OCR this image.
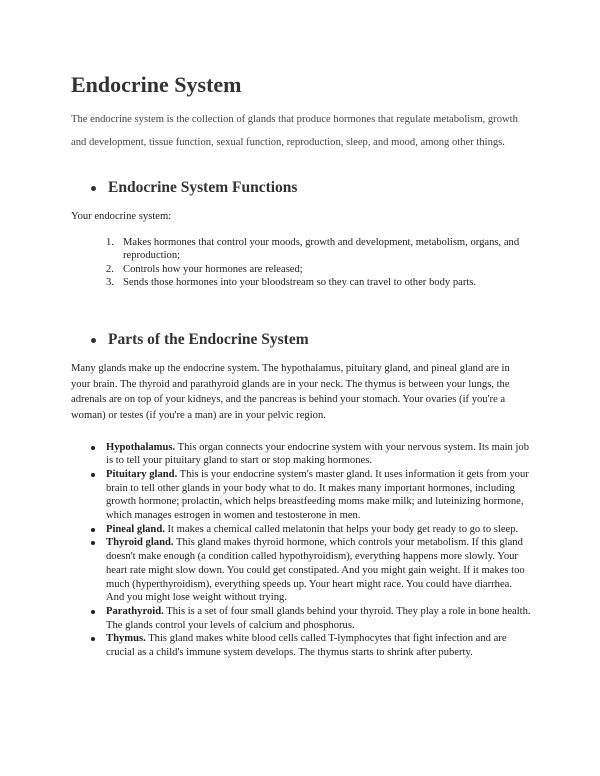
Endocrine System

The endocrine system is the collection of glands that produce hormones that regulate metabolism, growth and development, tissue function, sexual function, reproduction, sleep, and mood, among other things.

Endocrine System Functions

Your endocrine system:

1. Makes hormones that control your moods, growth and development, metabolism, organs, and reproduction;
2. Controls how your hormones are released;
3. Sends those hormones into your bloodstream so they can travel to other body parts.
Parts of the Endocrine System

Many glands make up the endocrine system. The hypothalamus, pituitary gland, and pineal gland are in your brain. The thyroid and parathyroid glands are in your neck. The thymus is between your lungs, the adrenals are on top of your kidneys, and the pancreas is behind your stomach. Your ovaries (if you're a woman) or testes (if you're a man) are in your pelvic region.

Hypothalamus. This organ connects your endocrine system with your nervous system. Its main job is to tell your pituitary gland to start or stop making hormones.
Pituitary gland. This is your endocrine system's master gland. It uses information it gets from your brain to tell other glands in your body what to do. It makes many important hormones, including growth hormone; prolactin, which helps breastfeeding moms make milk; and luteinizing hormone, which manages estrogen in women and testosterone in men.
Pineal gland. It makes a chemical called melatonin that helps your body get ready to go to sleep.
Thyroid gland. This gland makes thyroid hormone, which controls your metabolism. If this gland doesn't make enough (a condition called hypothyroidism), everything happens more slowly. Your heart rate might slow down. You could get constipated. And you might gain weight. If it makes too much (hyperthyroidism), everything speeds up. Your heart might race. You could have diarrhea. And you might lose weight without trying.
Parathyroid. This is a set of four small glands behind your thyroid. They play a role in bone health. The glands control your levels of calcium and phosphorus.
Thymus. This gland makes white blood cells called T-lymphocytes that fight infection and are crucial as a child's immune system develops. The thymus starts to shrink after puberty.
